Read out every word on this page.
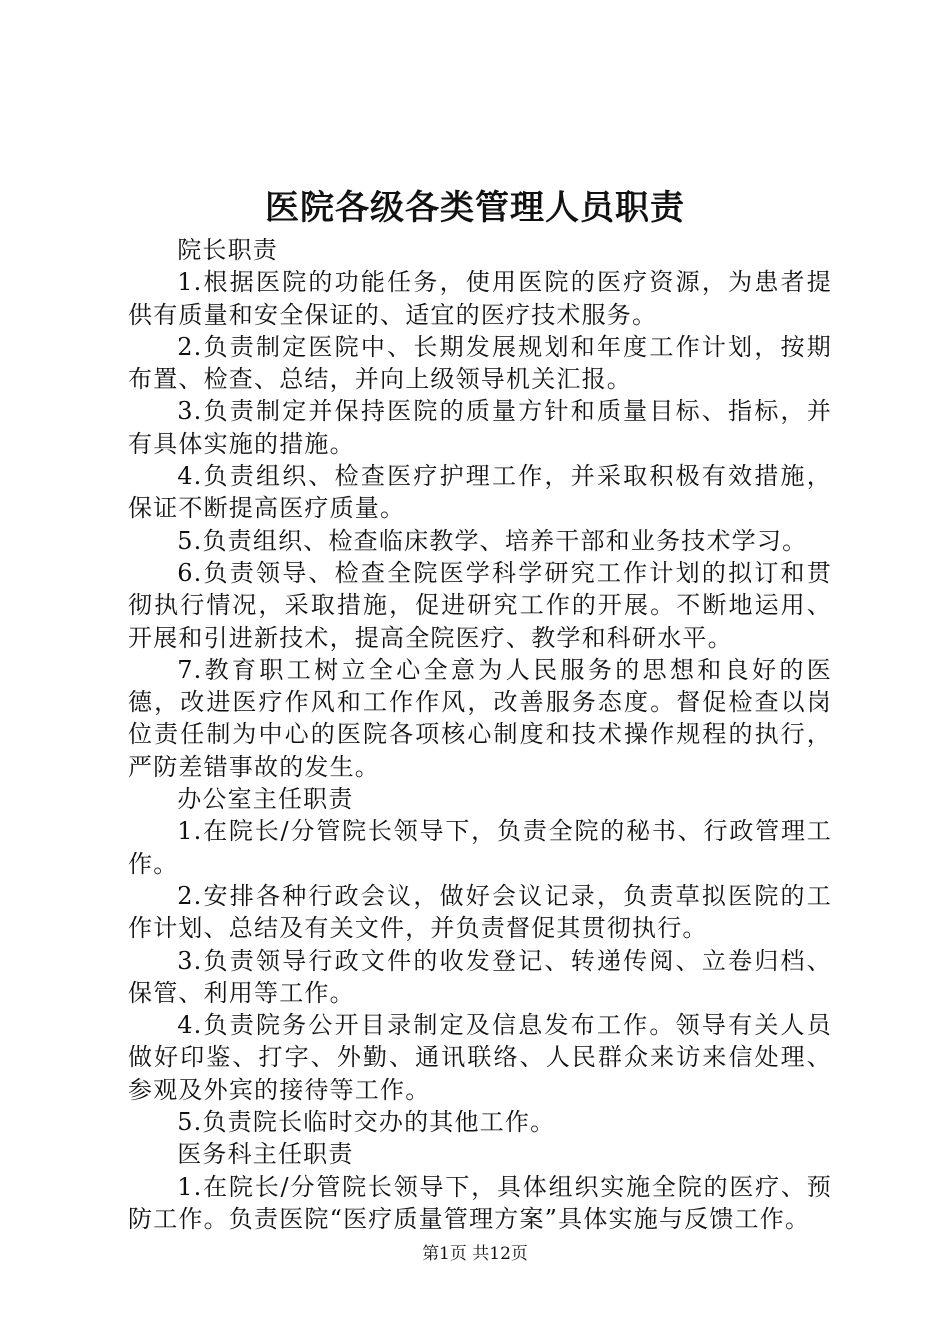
医院各级各类管理人员职责

院长职责

1.根据医院的功能任务，使用医院的医疗资源，为患者提供有质量和安全保证的、适宜的医疗技术服务。

2.负责制定医院中、长期发展规划和年度工作计划，按期布置、检查、总结，并向上级领导机关汇报。

3.负责制定并保持医院的质量方针和质量目标、指标，并有具体实施的措施。

4.负责组织、检查医疗护理工作，并采取积极有效措施，保证不断提高医疗质量。

5.负责组织、检查临床教学、培养干部和业务技术学习。

6.负责领导、检查全院医学科学研究工作计划的拟订和贯彻执行情况，采取措施，促进研究工作的开展。不断地运用、开展和引进新技术，提高全院医疗、教学和科研水平。

7.教育职工树立全心全意为人民服务的思想和良好的医德，改进医疗作风和工作作风，改善服务态度。督促检查以岗位责任制为中心的医院各项核心制度和技术操作规程的执行，严防差错事故的发生。

办公室主任职责

1.在院长/分管院长领导下，负责全院的秘书、行政管理工作。

2.安排各种行政会议，做好会议记录，负责草拟医院的工作计划、总结及有关文件，并负责督促其贯彻执行。

3.负责领导行政文件的收发登记、转递传阅、立卷归档、保管、利用等工作。

4.负责院务公开目录制定及信息发布工作。领导有关人员做好印鉴、打字、外勤、通讯联络、人民群众来访来信处理、参观及外宾的接待等工作。

5.负责院长临时交办的其他工作。

医务科主任职责

1.在院长/分管院长领导下，具体组织实施全院的医疗、预防工作。负责医院“医疗质量管理方案”具体实施与反馈工作。

第1页 共12页
